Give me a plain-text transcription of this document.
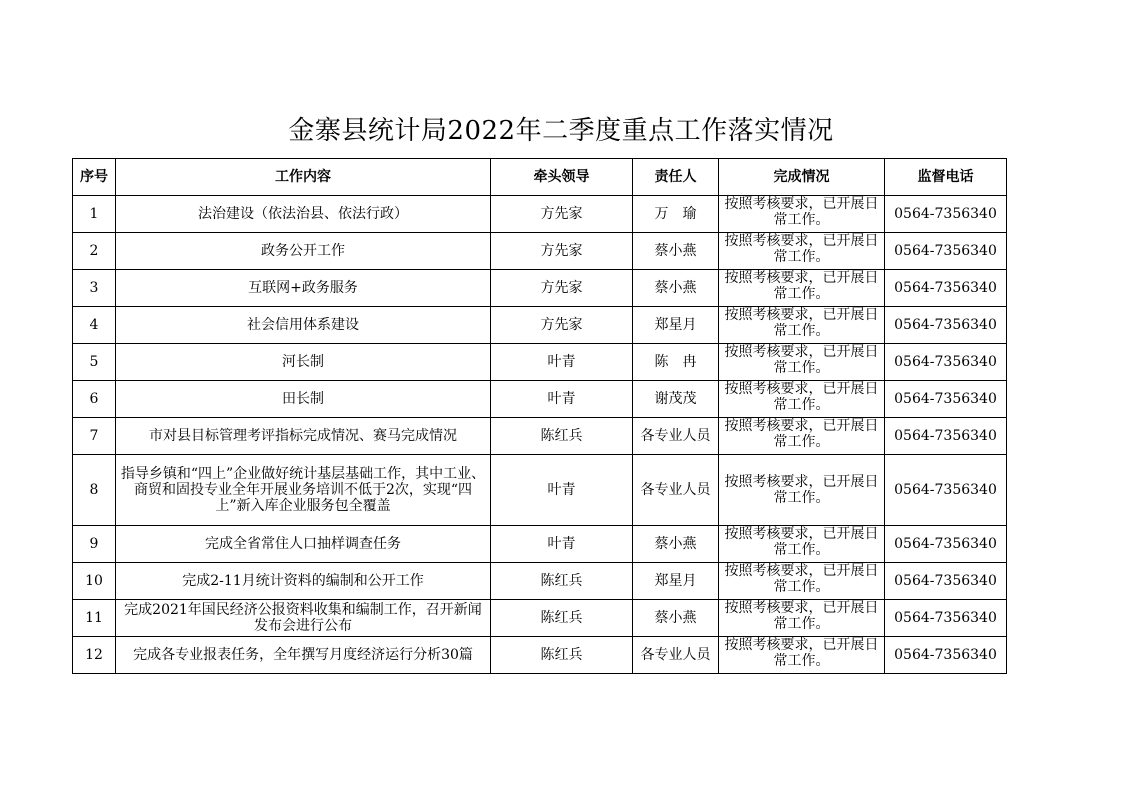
金寨县统计局2022年二季度重点工作落实情况
序号	工作内容	牵头领导	责任人	完成情况	监督电话
1	法治建设（依法治县、依法行政）	方先家	万　瑜	按照考核要求，已开展日常工作。	0564-7356340
2	政务公开工作	方先家	蔡小燕	按照考核要求，已开展日常工作。	0564-7356340
3	互联网+政务服务	方先家	蔡小燕	按照考核要求，已开展日常工作。	0564-7356340
4	社会信用体系建设	方先家	郑星月	按照考核要求，已开展日常工作。	0564-7356340
5	河长制	叶青	陈　冉	按照考核要求，已开展日常工作。	0564-7356340
6	田长制	叶青	谢茂茂	按照考核要求，已开展日常工作。	0564-7356340
7	市对县目标管理考评指标完成情况、赛马完成情况	陈红兵	各专业人员	按照考核要求，已开展日常工作。	0564-7356340
8	指导乡镇和“四上”企业做好统计基层基础工作，其中工业、商贸和固投专业全年开展业务培训不低于2次，实现“四上”新入库企业服务包全覆盖	叶青	各专业人员	按照考核要求，已开展日常工作。	0564-7356340
9	完成全省常住人口抽样调查任务	叶青	蔡小燕	按照考核要求，已开展日常工作。	0564-7356340
10	完成2-11月统计资料的编制和公开工作	陈红兵	郑星月	按照考核要求，已开展日常工作。	0564-7356340
11	完成2021年国民经济公报资料收集和编制工作，召开新闻发布会进行公布	陈红兵	蔡小燕	按照考核要求，已开展日常工作。	0564-7356340
12	完成各专业报表任务，全年撰写月度经济运行分析30篇	陈红兵	各专业人员	按照考核要求，已开展日常工作。	0564-7356340
